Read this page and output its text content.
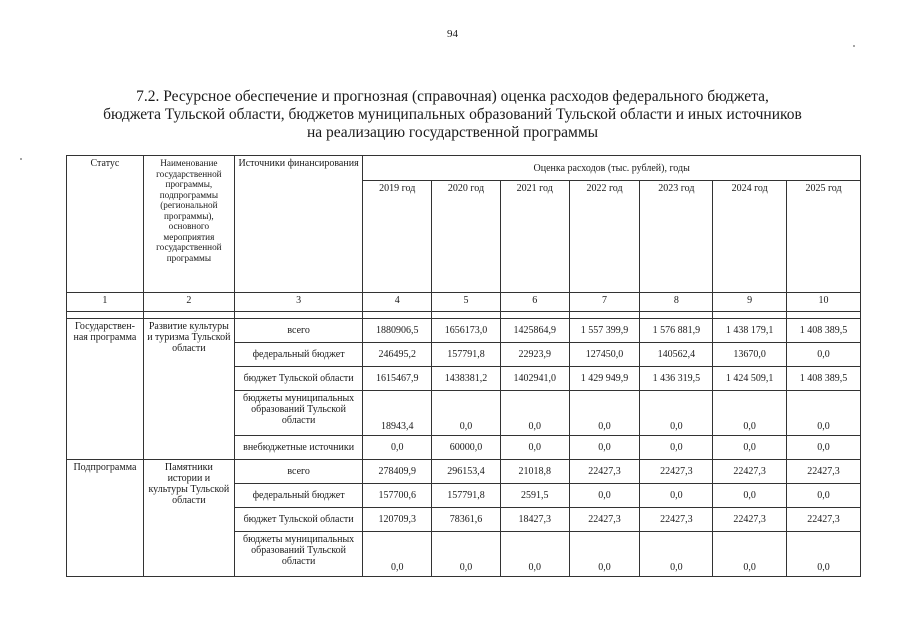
94
7.2. Ресурсное обеспечение и прогнозная (справочная) оценка расходов федерального бюджета,
бюджета Тульской области, бюджетов муниципальных образований Тульской области и иных источников
на реализацию государственной программы
Статус	Наименование государственной программы, подпрограммы (региональной программы), основного мероприятия государственной программы	Источники финансирования	Оценка расходов (тыс. рублей), годы						
			2019 год	2020 год	2021 год	2022 год	2023 год	2024 год	2025 год
1	2	3	4	5	6	7	8	9	10

Государствен-ная программа	Развитие культуры и туризма Тульской области	всего	1880906,5	1656173,0	1425864,9	1 557 399,9	1 576 881,9	1 438 179,1	1 408 389,5
		федеральный бюджет	246495,2	157791,8	22923,9	127450,0	140562,4	13670,0	0,0
		бюджет Тульской области	1615467,9	1438381,2	1402941,0	1 429 949,9	1 436 319,5	1 424 509,1	1 408 389,5
		бюджеты муниципальных образований Тульской области	18943,4	0,0	0,0	0,0	0,0	0,0	0,0
		внебюджетные источники	0,0	60000,0	0,0	0,0	0,0	0,0	0,0
Подпрограмма	Памятники истории и культуры Тульской области	всего	278409,9	296153,4	21018,8	22427,3	22427,3	22427,3	22427,3
		федеральный бюджет	157700,6	157791,8	2591,5	0,0	0,0	0,0	0,0
		бюджет Тульской области	120709,3	78361,6	18427,3	22427,3	22427,3	22427,3	22427,3
		бюджеты муниципальных образований Тульской области	0,0	0,0	0,0	0,0	0,0	0,0	0,0
